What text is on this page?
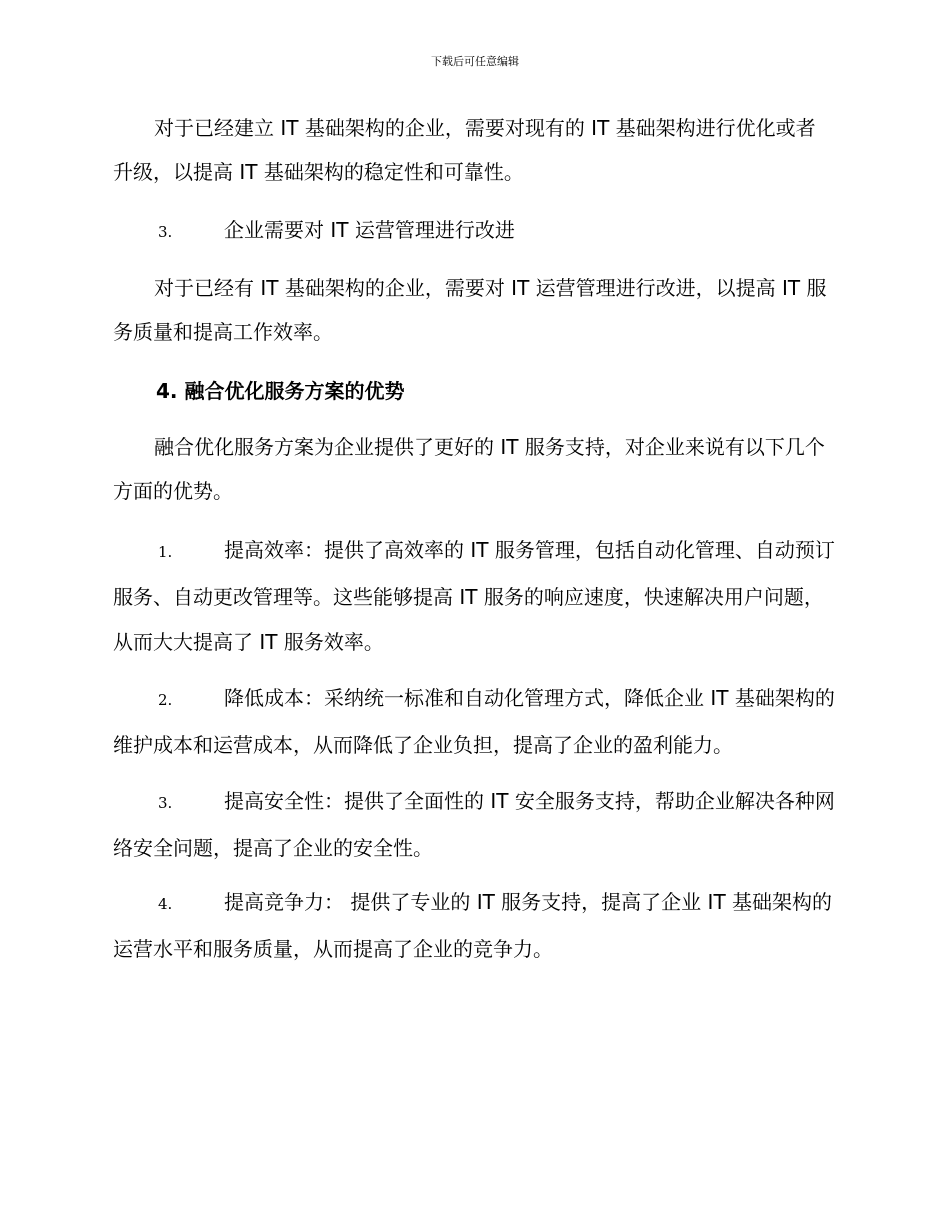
下载后可任意编辑

对于已经建立 IT 基础架构的企业，需要对现有的 IT 基础架构进行优化或者升级，以提高 IT 基础架构的稳定性和可靠性。

3.	企业需要对 IT 运营管理进行改进

对于已经有 IT 基础架构的企业，需要对 IT 运营管理进行改进，以提高 IT 服务质量和提高工作效率。

4. 融合优化服务方案的优势

融合优化服务方案为企业提供了更好的 IT 服务支持，对企业来说有以下几个方面的优势。

1.	提高效率：提供了高效率的 IT 服务管理，包括自动化管理、自动预订服务、自动更改管理等。这些能够提高 IT 服务的响应速度，快速解决用户问题，从而大大提高了 IT 服务效率。

2.	降低成本：采纳统一标准和自动化管理方式，降低企业 IT 基础架构的维护成本和运营成本，从而降低了企业负担，提高了企业的盈利能力。

3.	提高安全性：提供了全面性的 IT 安全服务支持，帮助企业解决各种网络安全问题，提高了企业的安全性。

4.	提高竞争力： 提供了专业的 IT 服务支持，提高了企业 IT 基础架构的运营水平和服务质量，从而提高了企业的竞争力。
